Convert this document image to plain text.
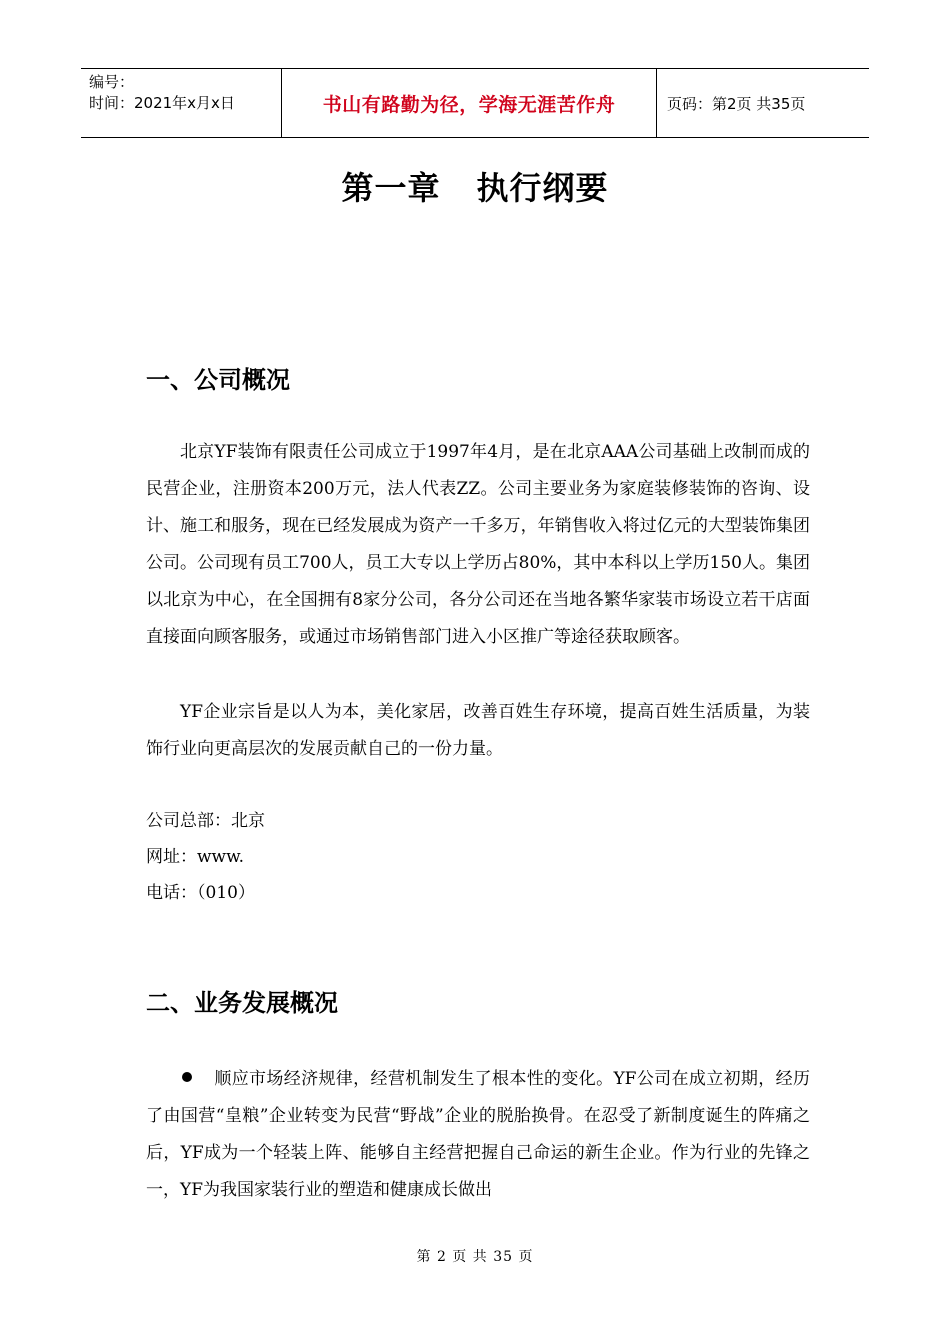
编号：
时间：2021年x月x日	书山有路勤为径，学海无涯苦作舟	页码：第2页 共35页
第一章 执行纲要
一、公司概况

北京YF装饰有限责任公司成立于1997年4月，是在北京AAA公司基础上改制而成的民营企业，注册资本200万元，法人代表ZZ。公司主要业务为家庭装修装饰的咨询、设计、施工和服务，现在已经发展成为资产一千多万，年销售收入将过亿元的大型装饰集团公司。公司现有员工700人，员工大专以上学历占80%，其中本科以上学历150人。集团以北京为中心，在全国拥有8家分公司，各分公司还在当地各繁华家装市场设立若干店面直接面向顾客服务，或通过市场销售部门进入小区推广等途径获取顾客。

YF企业宗旨是以人为本，美化家居，改善百姓生存环境，提高百姓生活质量，为装饰行业向更高层次的发展贡献自己的一份力量。

公司总部：北京
网址：www.
电话：（010）
二、业务发展概况

顺应市场经济规律，经营机制发生了根本性的变化。YF公司在成立初期，经历了由国营“皇粮”企业转变为民营“野战”企业的脱胎换骨。在忍受了新制度诞生的阵痛之后，YF成为一个轻装上阵、能够自主经营把握自己命运的新生企业。作为行业的先锋之一，YF为我国家装行业的塑造和健康成长做出

第 2 页 共 35 页
